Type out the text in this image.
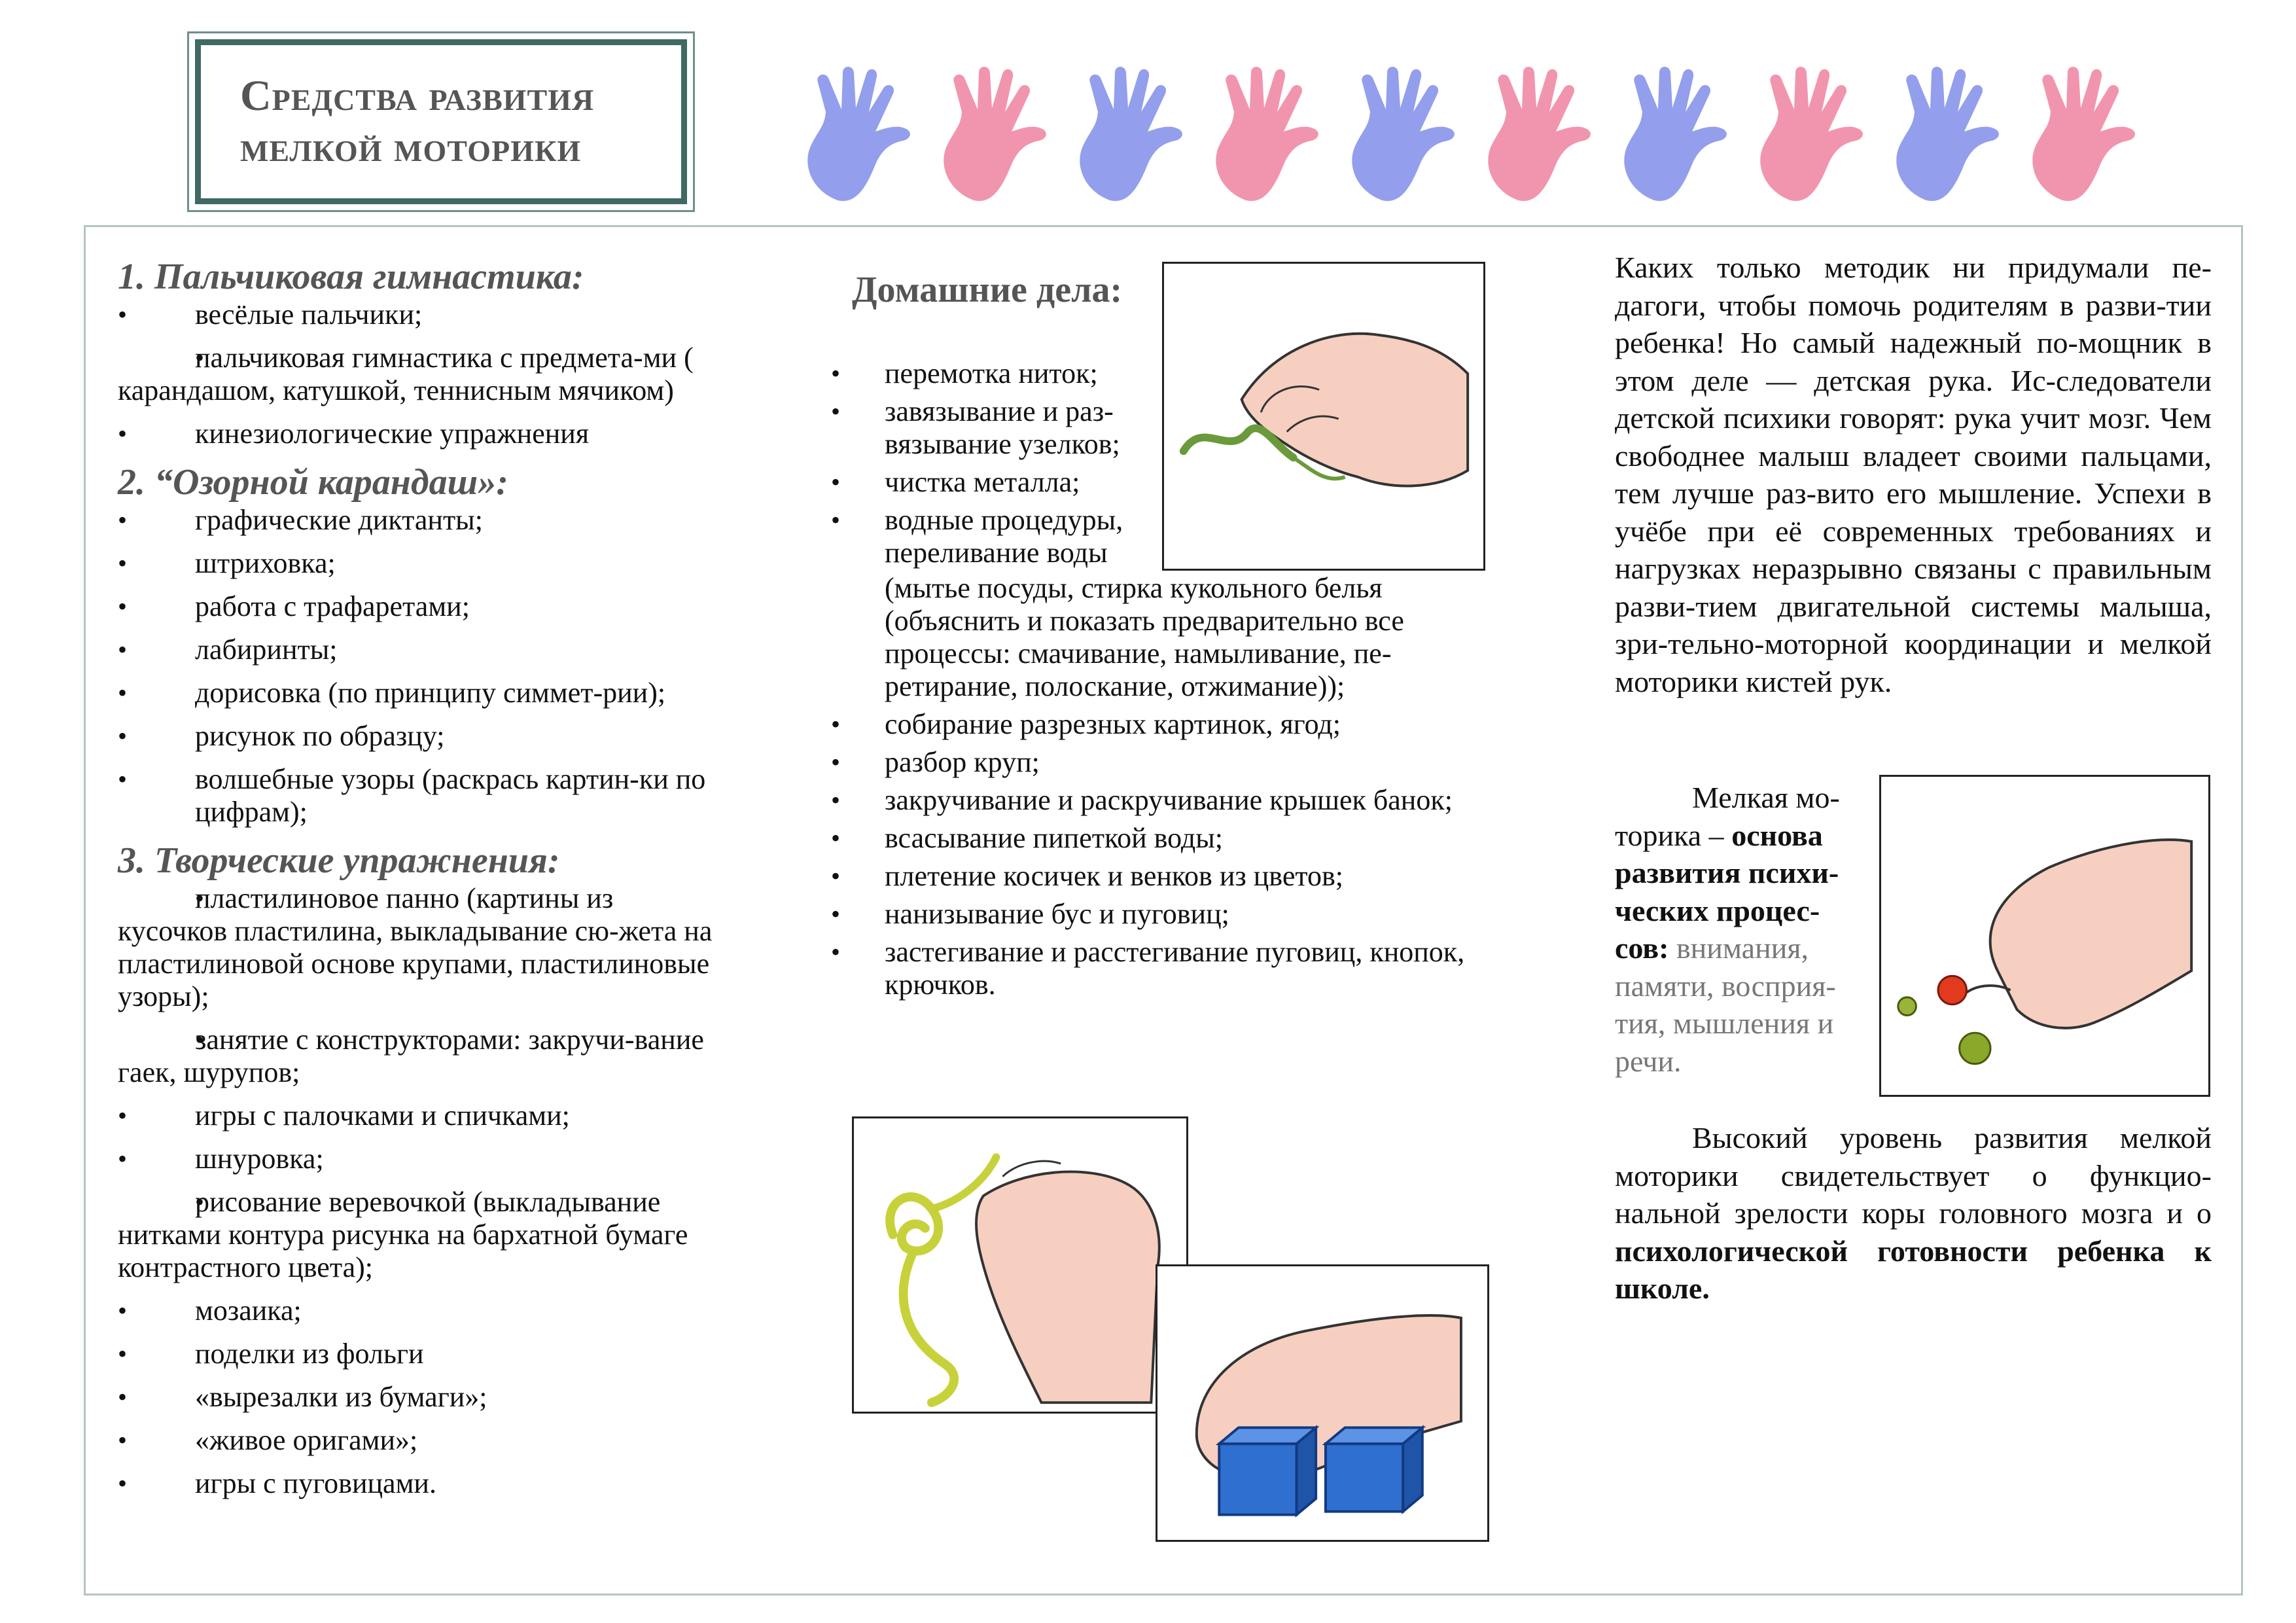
Средства развития
мелкой моторики
1. Пальчиковая гимнастика:
• весёлые пальчики;
• пальчиковая гимнастика с предмета-ми ( карандашом, катушкой, теннисным мячиком)
• кинезиологические упражнения
2. “Озорной карандаш»:
• графические диктанты;
• штриховка;
• работа с трафаретами;
• лабиринты;
• дорисовка (по принципу симмет-рии);
• рисунок по образцу;
• волшебные узоры (раскрась картин-ки по цифрам);
3. Творческие упражнения:
• пластилиновое панно (картины из кусочков пластилина, выкладывание сю-жета на пластилиновой основе крупами, пластилиновые узоры);
• занятие с конструкторами: закручи-вание гаек, шурупов;
• игры с палочками и спичками;
• шнуровка;
• рисование веревочкой (выкладывание нитками контура рисунка на бархатной бумаге контрастного цвета);
• мозаика;
• поделки из фольги
• «вырезалки из бумаги»;
• «живое оригами»;
• игры с пуговицами.
Домашние дела:
• перемотка ниток;
• завязывание и раз-вязывание узелков;
• чистка металла;
• водные процедуры, переливание воды
(мытье посуды, стирка кукольного белья (объяснить и показать предварительно все процессы: смачивание, намыливание, пе-ретирание, полоскание, отжимание));
• собирание разрезных картинок, ягод;
• разбор круп;
• закручивание и раскручивание крышек банок;
• всасывание пипеткой воды;
• плетение косичек и венков из цветов;
• нанизывание бус и пуговиц;
• застегивание и расстегивание пуговиц, кнопок, крючков.
Каких только методик ни придумали пе-дагоги, чтобы помочь родителям в разви-тии ребенка! Но самый надежный по-мощник в этом деле — детская рука. Ис-следователи детской психики говорят: рука учит мозг. Чем свободнее малыш владеет своими пальцами, тем лучше раз-вито его мышление. Успехи в учёбе при её современных требованиях и нагрузках неразрывно связаны с правильным разви-тием двигательной системы малыша, зри-тельно-моторной координации и мелкой моторики кистей рук.
Мелкая мо-торика – основа развития психи-ческих процес-сов: внимания, памяти, восприя-тия, мышления и речи.
Высокий уровень развития мелкой моторики свидетельствует о функцио-нальной зрелости коры головного мозга и о психологической готовности ребенка к школе.
